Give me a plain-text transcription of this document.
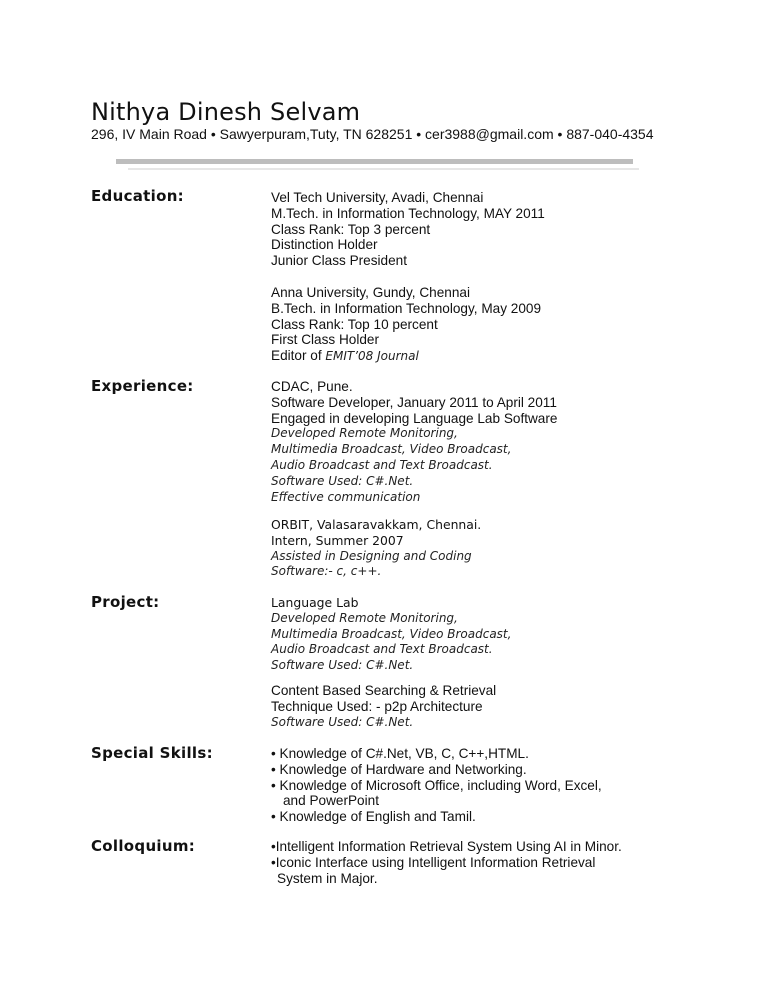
Nithya Dinesh Selvam
296, IV Main Road • Sawyerpuram,Tuty, TN 628251 • cer3988@gmail.com • 887-040-4354
Education:	Vel Tech University, Avadi, Chennai
M.Tech. in Information Technology, MAY 2011
Class Rank: Top 3 percent
Distinction Holder
Junior Class President
Anna University, Gundy, Chennai
B.Tech. in Information Technology, May 2009
Class Rank: Top 10 percent
First Class Holder
Editor of EMIT’08 Journal
Experience:	CDAC, Pune.
Software Developer, January 2011 to April 2011
Engaged in developing Language Lab Software
Developed Remote Monitoring,
Multimedia Broadcast, Video Broadcast,
Audio Broadcast and Text Broadcast.
Software Used: C#.Net.
Effective communication
ORBIT, Valasaravakkam, Chennai.
Intern, Summer 2007
Assisted in Designing and Coding
Software:- c, c++.
Project:	Language Lab
Developed Remote Monitoring,
Multimedia Broadcast, Video Broadcast,
Audio Broadcast and Text Broadcast.
Software Used: C#.Net.
Content Based Searching & Retrieval
Technique Used: - p2p Architecture
Software Used: C#.Net.
Special Skills:	• Knowledge of C#.Net, VB, C, C++,HTML.
• Knowledge of Hardware and Networking.
• Knowledge of Microsoft Office, including Word, Excel,
and PowerPoint
• Knowledge of English and Tamil.
Colloquium:	•Intelligent Information Retrieval System Using AI in Minor.
•Iconic Interface using Intelligent Information Retrieval
System in Major.
